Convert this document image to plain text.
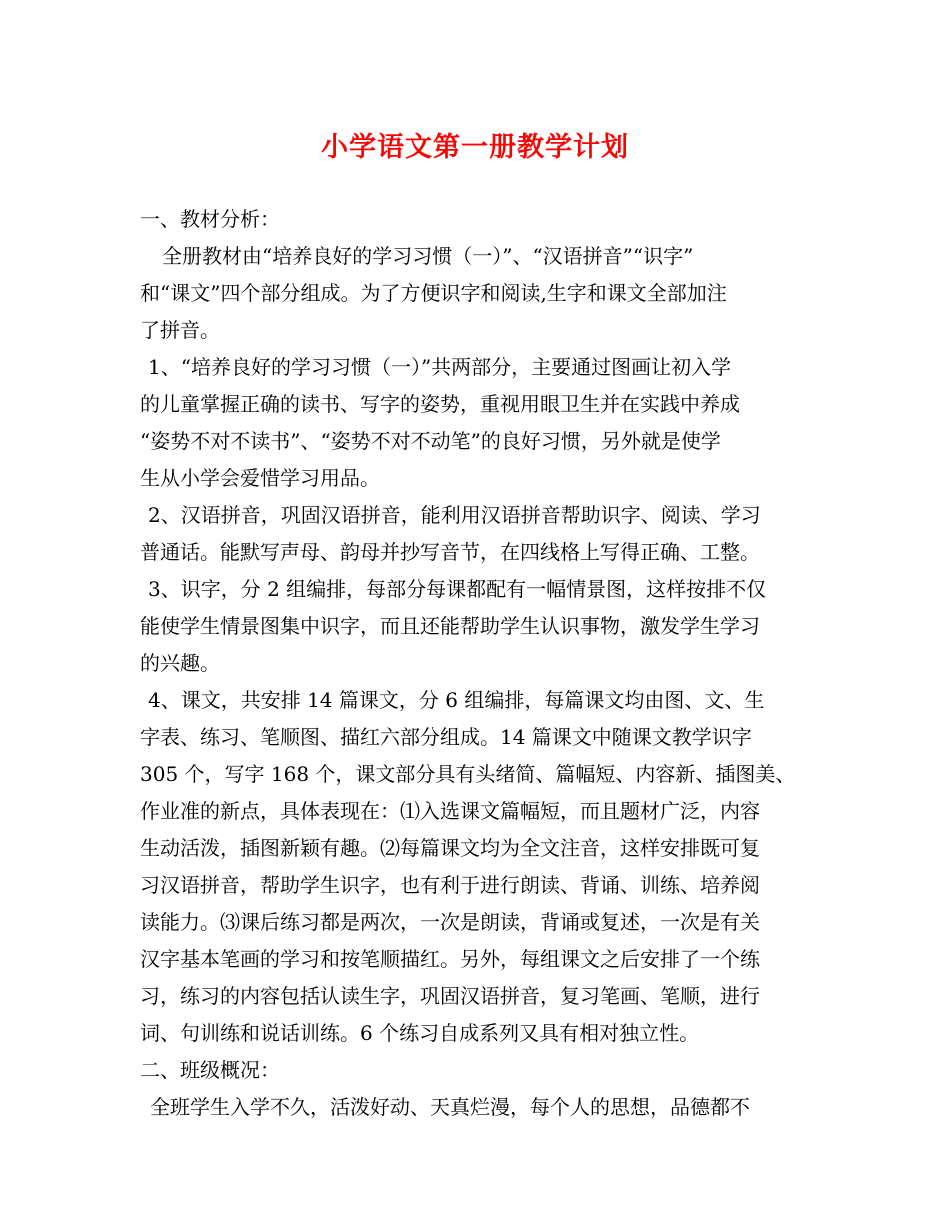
小学语文第一册教学计划
一、教材分析：
全册教材由“培养良好的学习习惯（一）”、“汉语拼音”“识字”
和“课文”四个部分组成。为了方便识字和阅读,生字和课文全部加注
了拼音。
1、“培养良好的学习习惯（一）”共两部分，主要通过图画让初入学
的儿童掌握正确的读书、写字的姿势，重视用眼卫生并在实践中养成
“姿势不对不读书”、“姿势不对不动笔”的良好习惯，另外就是使学
生从小学会爱惜学习用品。
2、汉语拼音，巩固汉语拼音，能利用汉语拼音帮助识字、阅读、学习
普通话。能默写声母、韵母并抄写音节，在四线格上写得正确、工整。
3、识字，分 2 组编排，每部分每课都配有一幅情景图，这样按排不仅
能使学生情景图集中识字，而且还能帮助学生认识事物，激发学生学习
的兴趣。
4、课文，共安排 14 篇课文，分 6 组编排，每篇课文均由图、文、生
字表、练习、笔顺图、描红六部分组成。14 篇课文中随课文教学识字
305 个，写字 168 个，课文部分具有头绪简、篇幅短、内容新、插图美、
作业准的新点，具体表现在：⑴入选课文篇幅短，而且题材广泛，内容
生动活泼，插图新颖有趣。⑵每篇课文均为全文注音，这样安排既可复
习汉语拼音，帮助学生识字，也有利于进行朗读、背诵、训练、培养阅
读能力。⑶课后练习都是两次，一次是朗读，背诵或复述，一次是有关
汉字基本笔画的学习和按笔顺描红。另外，每组课文之后安排了一个练
习，练习的内容包括认读生字，巩固汉语拼音，复习笔画、笔顺，进行
词、句训练和说话训练。6 个练习自成系列又具有相对独立性。
二、班级概况：
全班学生入学不久，活泼好动、天真烂漫，每个人的思想，品德都不
